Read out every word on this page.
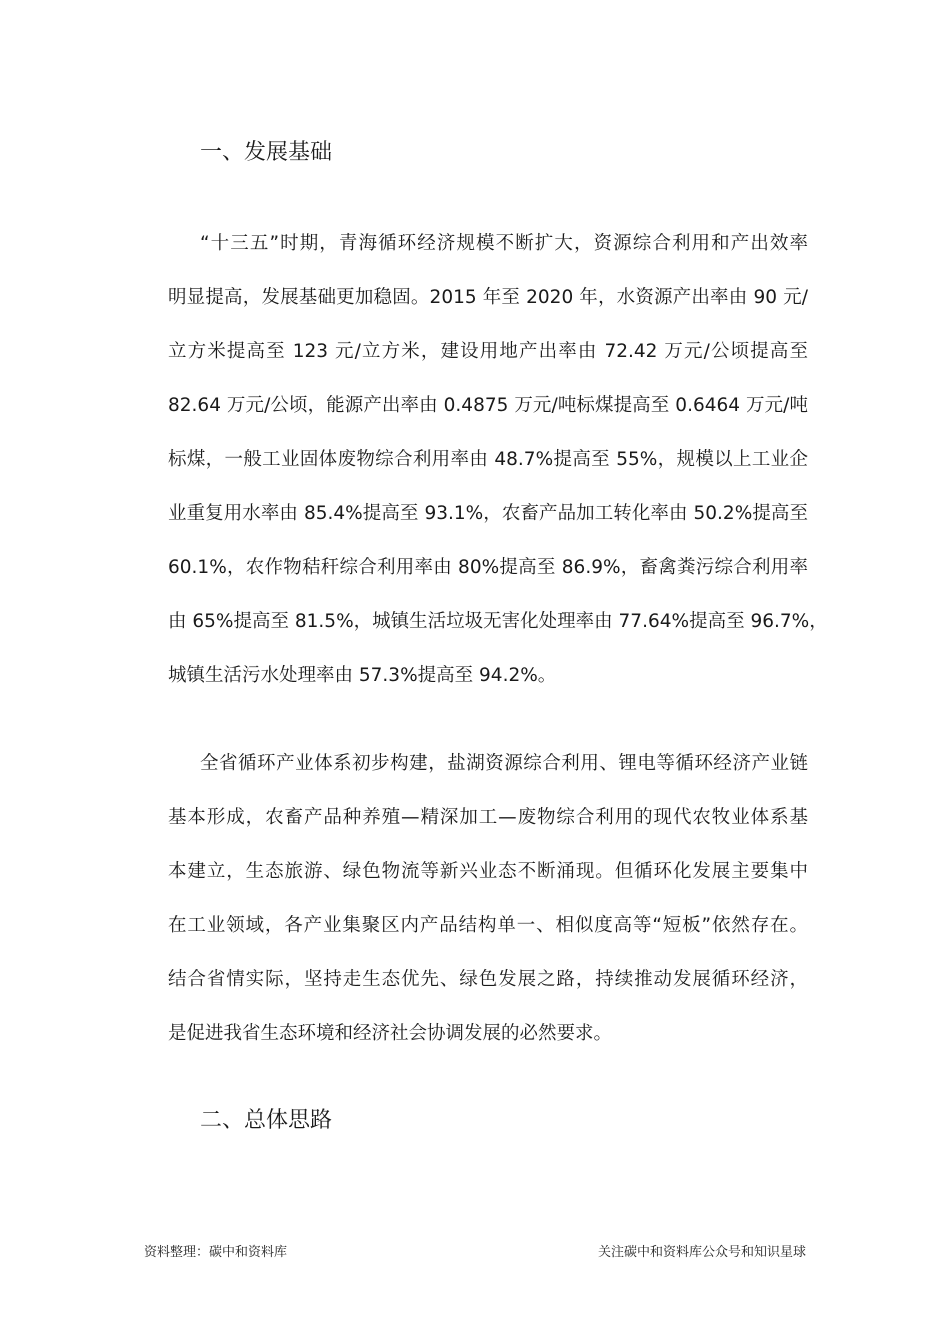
一、发展基础

“十三五”时期，青海循环经济规模不断扩大，资源综合利用和产出效率

明显提高，发展基础更加稳固。2015 年至 2020 年，水资源产出率由 90 元/

立方米提高至 123 元/立方米，建设用地产出率由 72.42 万元/公顷提高至

82.64 万元/公顷，能源产出率由 0.4875 万元/吨标煤提高至 0.6464 万元/吨

标煤，一般工业固体废物综合利用率由 48.7%提高至 55%，规模以上工业企

业重复用水率由 85.4%提高至 93.1%，农畜产品加工转化率由 50.2%提高至

60.1%，农作物秸秆综合利用率由 80%提高至 86.9%，畜禽粪污综合利用率

由 65%提高至 81.5%，城镇生活垃圾无害化处理率由 77.64%提高至 96.7%，

城镇生活污水处理率由 57.3%提高至 94.2%。

全省循环产业体系初步构建，盐湖资源综合利用、锂电等循环经济产业链

基本形成，农畜产品种养殖—精深加工—废物综合利用的现代农牧业体系基

本建立，生态旅游、绿色物流等新兴业态不断涌现。但循环化发展主要集中

在工业领域，各产业集聚区内产品结构单一、相似度高等“短板”依然存在。

结合省情实际，坚持走生态优先、绿色发展之路，持续推动发展循环经济，

是促进我省生态环境和经济社会协调发展的必然要求。

二、总体思路

资料整理：碳中和资料库	关注碳中和资料库公众号和知识星球
